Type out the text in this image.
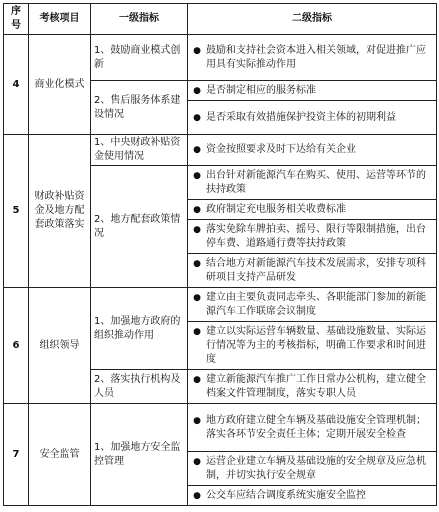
序号	考核项目	一级指标	二级指标
4	商业化模式	1、鼓励商业模式创新	● 鼓励和支持社会资本进入相关领域，对促进推广应用具有实际推动作用

		2、售后服务体系建设情况	● 是否制定相应的服务标准

			● 是否采取有效措施保护投资主体的初期利益

5	财政补贴资金及地方配套政策落实	1、中央财政补贴资金使用情况	● 资金按照要求及时下达给有关企业

		2、地方配套政策情况	● 出台针对新能源汽车在购买、使用、运营等环节的扶持政策

			● 政府制定充电服务相关收费标准

			● 落实免除车牌拍卖、摇号、限行等限制措施，出台停车费、道路通行费等扶持政策

			● 结合地方对新能源汽车技术发展需求，安排专项科研项目支持产品研发

6	组织领导	1、加强地方政府的组织推动作用	● 建立由主要负责同志牵头、各职能部门参加的新能源汽车工作联席会议制度

			● 建立以实际运营车辆数量、基础设施数量、实际运行情况等为主的考核指标，明确工作要求和时间进度

		2、落实执行机构及人员	● 建立新能源汽车推广工作日常办公机构，建立健全档案文件管理制度，落实专职人员

7	安全监管	1、加强地方安全监控管理	● 地方政府建立健全车辆及基础设施安全管理机制；落实各环节安全责任主体；定期开展安全检查

			● 运营企业建立车辆及基础设施的安全规章及应急机制，并切实执行安全规章

			● 公交车应结合调度系统实施安全监控
